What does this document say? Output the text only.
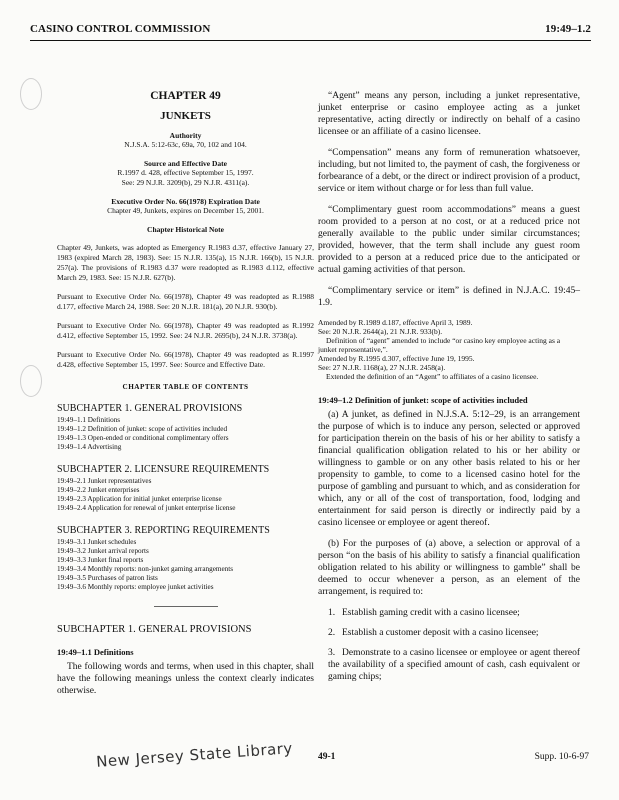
CASINO CONTROL COMMISSION	19:49–1.2

CHAPTER 49

JUNKETS

Authority

N.J.S.A. 5:12-63c, 69a, 70, 102 and 104.

Source and Effective Date

R.1997 d. 428, effective September 15, 1997.

See: 29 N.J.R. 3209(b), 29 N.J.R. 4311(a).

Executive Order No. 66(1978) Expiration Date

Chapter 49, Junkets, expires on December 15, 2001.

Chapter Historical Note

Chapter 49, Junkets, was adopted as Emergency R.1983 d.37, effective January 27, 1983 (expired March 28, 1983). See: 15 N.J.R. 135(a), 15 N.J.R. 166(b), 15 N.J.R. 257(a). The provisions of R.1983 d.37 were readopted as R.1983 d.112, effective March 29, 1983. See: 15 N.J.R. 627(b).

Pursuant to Executive Order No. 66(1978), Chapter 49 was readopted as R.1988 d.177, effective March 24, 1988. See: 20 N.J.R. 181(a), 20 N.J.R. 930(b).

Pursuant to Executive Order No. 66(1978), Chapter 49 was readopted as R.1992 d.412, effective September 15, 1992. See: 24 N.J.R. 2695(b), 24 N.J.R. 3738(a).

Pursuant to Executive Order No. 66(1978), Chapter 49 was readopted as R.1997 d.428, effective September 15, 1997. See: Source and Effective Date.

CHAPTER TABLE OF CONTENTS

SUBCHAPTER 1. GENERAL PROVISIONS

19:49–1.1 Definitions
19:49–1.2 Definition of junket: scope of activities included
19:49–1.3 Open-ended or conditional complimentary offers
19:49–1.4 Advertising

SUBCHAPTER 2. LICENSURE REQUIREMENTS

19:49–2.1 Junket representatives
19:49–2.2 Junket enterprises
19:49–2.3 Application for initial junket enterprise license
19:49–2.4 Application for renewal of junket enterprise license

SUBCHAPTER 3. REPORTING REQUIREMENTS

19:49–3.1 Junket schedules
19:49–3.2 Junket arrival reports
19:49–3.3 Junket final reports
19:49–3.4 Monthly reports: non-junket gaming arrangements
19:49–3.5 Purchases of patron lists
19:49–3.6 Monthly reports: employee junket activities

SUBCHAPTER 1. GENERAL PROVISIONS

19:49–1.1 Definitions

The following words and terms, when used in this chapter, shall have the following meanings unless the context clearly indicates otherwise.

“Agent” means any person, including a junket representative, junket enterprise or casino employee acting as a junket representative, acting directly or indirectly on behalf of a casino licensee or an affiliate of a casino licensee.

“Compensation” means any form of remuneration whatsoever, including, but not limited to, the payment of cash, the forgiveness or forbearance of a debt, or the direct or indirect provision of a product, service or item without charge or for less than full value.

“Complimentary guest room accommodations” means a guest room provided to a person at no cost, or at a reduced price not generally available to the public under similar circumstances; provided, however, that the term shall include any guest room provided to a person at a reduced price due to the anticipated or actual gaming activities of that person.

“Complimentary service or item” is defined in N.J.A.C. 19:45–1.9.

Amended by R.1989 d.187, effective April 3, 1989.
See: 20 N.J.R. 2644(a), 21 N.J.R. 933(b).
Definition of “agent” amended to include “or casino key employee acting as a junket representative,”.
Amended by R.1995 d.307, effective June 19, 1995.
See: 27 N.J.R. 1168(a), 27 N.J.R. 2458(a).
Extended the definition of an “Agent” to affiliates of a casino licensee.

19:49–1.2 Definition of junket: scope of activities included

(a) A junket, as defined in N.J.S.A. 5:12–29, is an arrangement the purpose of which is to induce any person, selected or approved for participation therein on the basis of his or her ability to satisfy a financial qualification obligation related to his or her ability or willingness to gamble or on any other basis related to his or her propensity to gamble, to come to a licensed casino hotel for the purpose of gambling and pursuant to which, and as consideration for which, any or all of the cost of transportation, food, lodging and entertainment for said person is directly or indirectly paid by a casino licensee or employee or agent thereof.

(b) For the purposes of (a) above, a selection or approval of a person “on the basis of his ability to satisfy a financial qualification obligation related to his ability or willingness to gamble” shall be deemed to occur whenever a person, as an element of the arrangement, is required to:

1. Establish gaming credit with a casino licensee;
2. Establish a customer deposit with a casino licensee;
3. Demonstrate to a casino licensee or employee or agent thereof the availability of a specified amount of cash, cash equivalent or gaming chips;
New Jersey State Library	49-1	Supp. 10-6-97
